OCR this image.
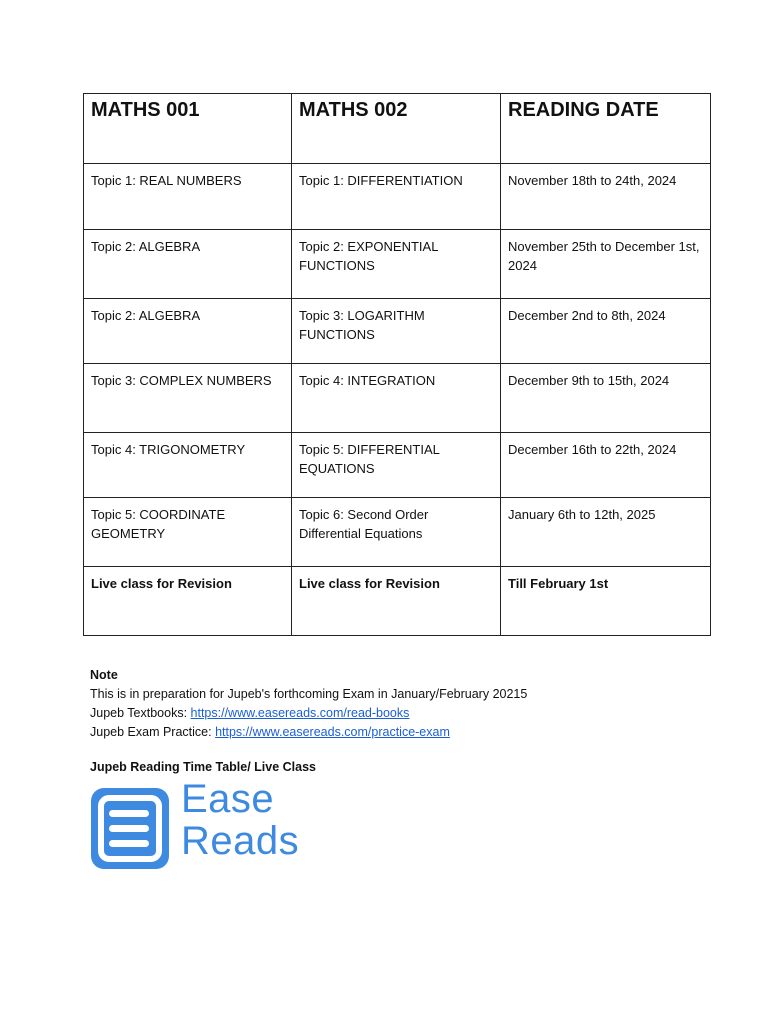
MATHS 001	MATHS 002	READING DATE
Topic 1: REAL NUMBERS	Topic 1: DIFFERENTIATION	November 18th to 24th, 2024
Topic 2: ALGEBRA	Topic 2: EXPONENTIAL FUNCTIONS	November 25th to December 1st, 2024
Topic 2: ALGEBRA	Topic 3: LOGARITHM FUNCTIONS	December 2nd to 8th, 2024
Topic 3: COMPLEX NUMBERS	Topic 4: INTEGRATION	December 9th to 15th, 2024
Topic 4: TRIGONOMETRY	Topic 5: DIFFERENTIAL EQUATIONS	December 16th to 22th, 2024
Topic 5: COORDINATE GEOMETRY	Topic 6: Second Order Differential Equations	January 6th to 12th, 2025
Live class for Revision	Live class for Revision	Till February 1st
Note
This is in preparation for Jupeb's forthcoming Exam in January/February 20215
Jupeb Textbooks: https://www.easereads.com/read-books
Jupeb Exam Practice: https://www.easereads.com/practice-exam
Jupeb Reading Time Table/ Live Class
Ease
Reads
